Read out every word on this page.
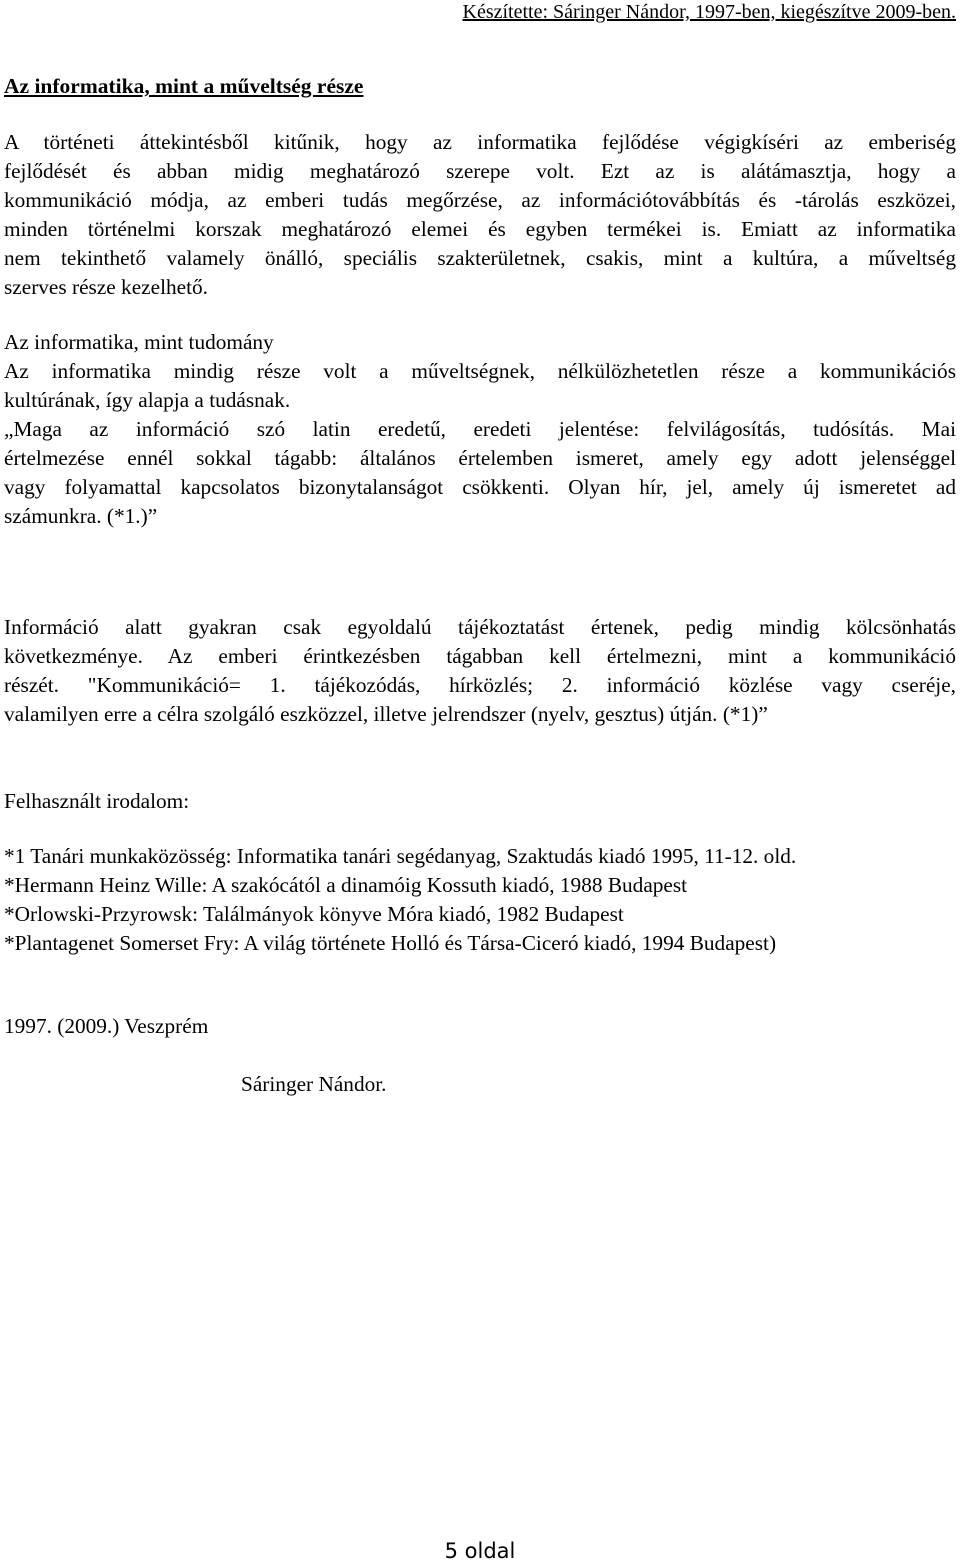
Készítette: Sáringer Nándor, 1997-ben, kiegészítve 2009-ben.
Az informatika, mint a műveltség része
A történeti áttekintésből kitűnik, hogy az informatika fejlődése végigkíséri az emberiség
fejlődését és abban midig meghatározó szerepe volt. Ezt az is alátámasztja, hogy a
kommunikáció módja, az emberi tudás megőrzése, az információtovábbítás és -tárolás eszközei,
minden történelmi korszak meghatározó elemei és egyben termékei is. Emiatt az informatika
nem tekinthető valamely önálló, speciális szakterületnek, csakis, mint a kultúra, a műveltség
szerves része kezelhető.
Az informatika, mint tudomány
Az informatika mindig része volt a műveltségnek, nélkülözhetetlen része a kommunikációs
kultúrának, így alapja a tudásnak.
„Maga az információ szó latin eredetű, eredeti jelentése: felvilágosítás, tudósítás. Mai
értelmezése ennél sokkal tágabb: általános értelemben ismeret, amely egy adott jelenséggel
vagy folyamattal kapcsolatos bizonytalanságot csökkenti. Olyan hír, jel, amely új ismeretet ad
számunkra. (*1.)”
Információ alatt gyakran csak egyoldalú tájékoztatást értenek, pedig mindig kölcsönhatás
következménye. Az emberi érintkezésben tágabban kell értelmezni, mint a kommunikáció
részét. "Kommunikáció= 1. tájékozódás, hírközlés; 2. információ közlése vagy cseréje,
valamilyen erre a célra szolgáló eszközzel, illetve jelrendszer (nyelv, gesztus) útján. (*1)”
Felhasznált irodalom:
*1 Tanári munkaközösség: Informatika tanári segédanyag, Szaktudás kiadó 1995, 11-12. old.
*Hermann Heinz Wille: A szakócától a dinamóig Kossuth kiadó, 1988 Budapest
*Orlowski-Przyrowsk: Találmányok könyve Móra kiadó, 1982 Budapest
*Plantagenet Somerset Fry: A világ története Holló és Társa-Ciceró kiadó, 1994 Budapest)
1997. (2009.) Veszprém
Sáringer Nándor.
5 oldal
